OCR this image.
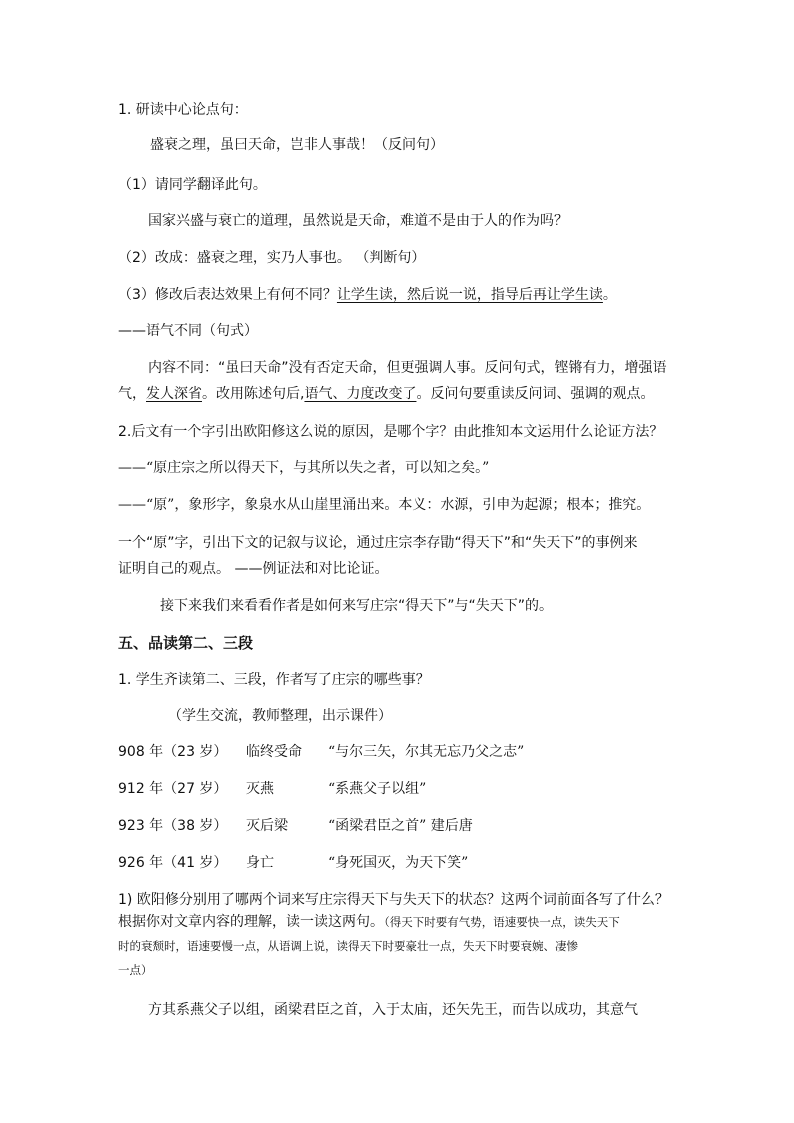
1. 研读中心论点句：
盛衰之理，虽曰天命，岂非人事哉！（反问句）
（1）请同学翻译此句。
国家兴盛与衰亡的道理，虽然说是天命，难道不是由于人的作为吗？
（2）改成：盛衰之理，实乃人事也。 （判断句）
（3）修改后表达效果上有何不同？让学生读，然后说一说，指导后再让学生读。
——语气不同（句式）
内容不同：“虽曰天命”没有否定天命，但更强调人事。反问句式，铿锵有力，增强语
气，发人深省。改用陈述句后,语气、力度改变了。反问句要重读反问词、强调的观点。
2.后文有一个字引出欧阳修这么说的原因，是哪个字？由此推知本文运用什么论证方法？
——“原庄宗之所以得天下，与其所以失之者，可以知之矣。”
——“原”，象形字，象泉水从山崖里涌出来。本义：水源，引申为起源；根本；推究。
一个“原”字，引出下文的记叙与议论，通过庄宗李存勖“得天下”和“失天下”的事例来
证明自己的观点。 ——例证法和对比论证。
接下来我们来看看作者是如何来写庄宗“得天下”与“失天下”的。
五、品读第二、三段
1. 学生齐读第二、三段，作者写了庄宗的哪些事？
（学生交流，教师整理，出示课件）
908 年（23 岁） 临终受命 “与尔三矢，尔其无忘乃父之志”
912 年（27 岁） 灭燕	“系燕父子以组”
923 年（38 岁） 灭后梁	“函梁君臣之首” 建后唐
926 年（41 岁） 身亡	“身死国灭，为天下笑”
1) 欧阳修分别用了哪两个词来写庄宗得天下与失天下的状态？这两个词前面各写了什么？
根据你对文章内容的理解，读一读这两句。（得天下时要有气势，语速要快一点，读失天下
时的衰颓时，语速要慢一点，从语调上说，读得天下时要豪壮一点，失天下时要衰婉、凄惨
一点）
方其系燕父子以组，函梁君臣之首，入于太庙，还矢先王，而告以成功，其意气
